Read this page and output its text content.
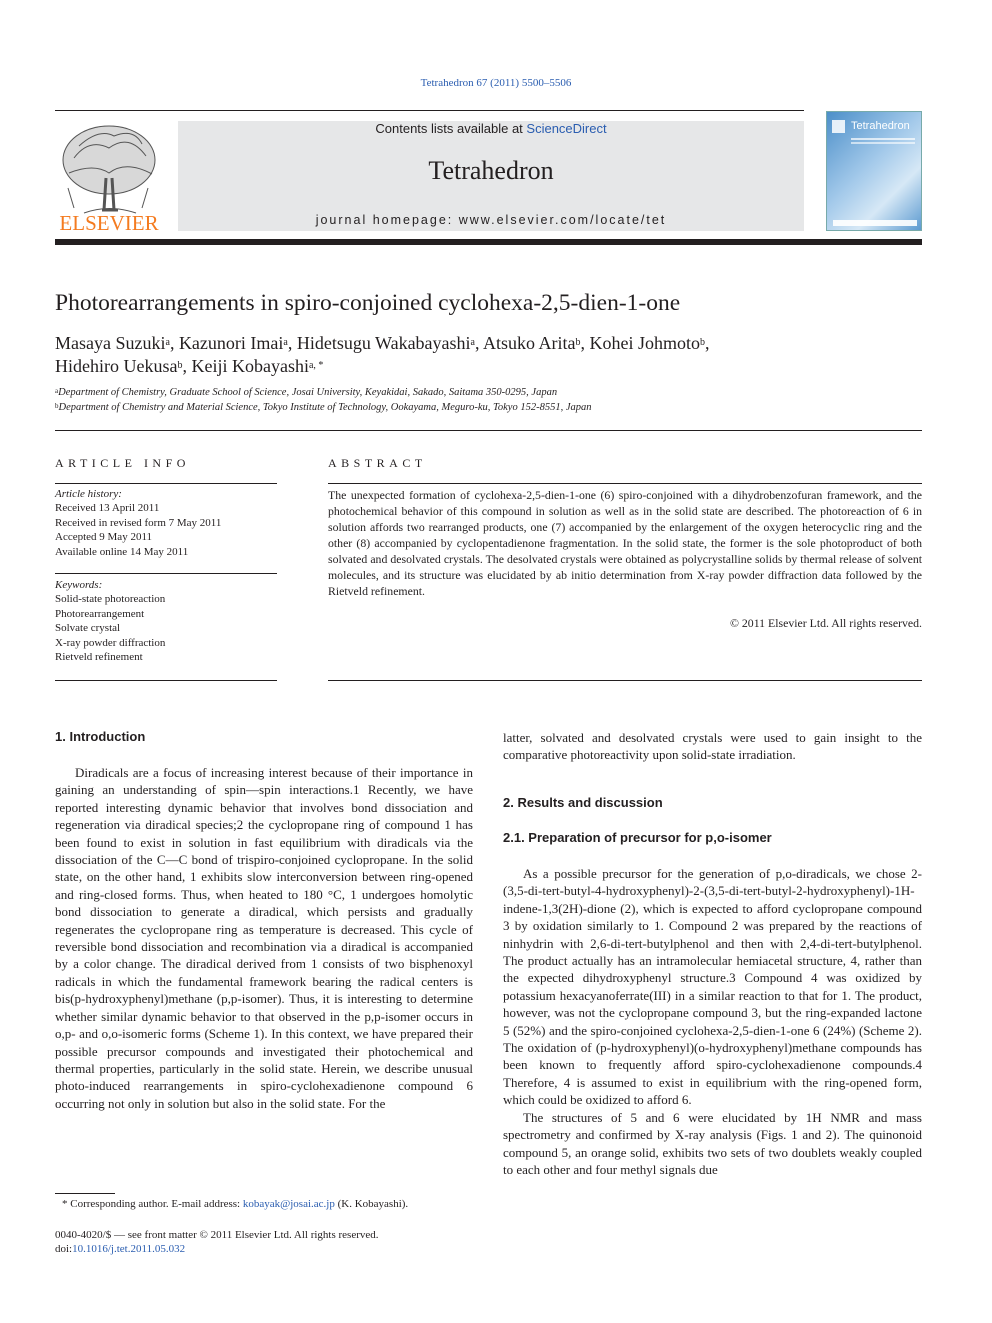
Tetrahedron 67 (2011) 5500–5506
ELSEVIER
Contents lists available at ScienceDirect
Tetrahedron
journal homepage: www.elsevier.com/locate/tet
Tetrahedron
Photorearrangements in spiro-conjoined cyclohexa-2,5-dien-1-one
Masaya Suzuki$^a$, Kazunori Imai$^a$, Hidetsugu Wakabayashi$^a$, Atsuko Arita$^b$, Kohei Johmoto$^b$,
Hidehiro Uekusa$^b$, Keiji Kobayashi$^{a, *}$
$^a$Department of Chemistry, Graduate School of Science, Josai University, Keyakidai, Sakado, Saitama 350-0295, Japan
$^b$Department of Chemistry and Material Science, Tokyo Institute of Technology, Ookayama, Meguro-ku, Tokyo 152-8551, Japan
ARTICLE INFO
Article history:
Received 13 April 2011
Received in revised form 7 May 2011
Accepted 9 May 2011
Available online 14 May 2011
Keywords:
Solid-state photoreaction
Photorearrangement
Solvate crystal
X-ray powder diffraction
Rietveld refinement
ABSTRACT
The unexpected formation of cyclohexa-2,5-dien-1-one (6) spiro-conjoined with a dihydrobenzofuran framework, and the photochemical behavior of this compound in solution as well as in the solid state are described. The photoreaction of 6 in solution affords two rearranged products, one (7) accompanied by the enlargement of the oxygen heterocyclic ring and the other (8) accompanied by cyclopentadienone fragmentation. In the solid state, the former is the sole photoproduct of both solvated and desolvated crystals. The desolvated crystals were obtained as polycrystalline solids by thermal release of solvent molecules, and its structure was elucidated by ab initio determination from X-ray powder diffraction data followed by the Rietveld refinement.
© 2011 Elsevier Ltd. All rights reserved.
1. Introduction

Diradicals are a focus of increasing interest because of their importance in gaining an understanding of spin—spin interactions.1 Recently, we have reported interesting dynamic behavior that involves bond dissociation and regeneration via diradical species;2 the cyclopropane ring of compound 1 has been found to exist in solution in fast equilibrium with diradicals via the dissociation of the C—C bond of trispiro-conjoined cyclopropane. In the solid state, on the other hand, 1 exhibits slow interconversion between ring-opened and ring-closed forms. Thus, when heated to 180 °C, 1 undergoes homolytic bond dissociation to generate a diradical, which persists and gradually regenerates the cyclopropane ring as temperature is decreased. This cycle of reversible bond dissociation and recombination via a diradical is accompanied by a color change. The diradical derived from 1 consists of two bisphenoxyl radicals in which the fundamental framework bearing the radical centers is bis(p-hydroxyphenyl)methane (p,p-isomer). Thus, it is interesting to determine whether similar dynamic behavior to that observed in the p,p-isomer occurs in o,p- and o,o-isomeric forms (Scheme 1). In this context, we have prepared their possible precursor compounds and investigated their photochemical and thermal properties, particularly in the solid state. Herein, we describe unusual photo-induced rearrangements in spiro-cyclohexadienone compound 6 occurring not only in solution but also in the solid state. For the

latter, solvated and desolvated crystals were used to gain insight to the comparative photoreactivity upon solid-state irradiation.

2. Results and discussion
2.1. Preparation of precursor for p,o-isomer

As a possible precursor for the generation of p,o-diradicals, we chose 2-(3,5-di-tert-butyl-4-hydroxyphenyl)-2-(3,5-di-tert-butyl-2-hydroxyphenyl)-1H-indene-1,3(2H)-dione (2), which is expected to afford cyclopropane compound 3 by oxidation similarly to 1. Compound 2 was prepared by the reactions of ninhydrin with 2,6-di-tert-butylphenol and then with 2,4-di-tert-butylphenol. The product actually has an intramolecular hemiacetal structure, 4, rather than the expected dihydroxyphenyl structure.3 Compound 4 was oxidized by potassium hexacyanoferrate(III) in a similar reaction to that for 1. The product, however, was not the cyclopropane compound 3, but the ring-expanded lactone 5 (52%) and the spiro-conjoined cyclohexa-2,5-dien-1-one 6 (24%) (Scheme 2). The oxidation of (p-hydroxyphenyl)(o-hydroxyphenyl)methane compounds has been known to frequently afford spiro-cyclohexadienone compounds.4 Therefore, 4 is assumed to exist in equilibrium with the ring-opened form, which could be oxidized to afford 6.

The structures of 5 and 6 were elucidated by 1H NMR and mass spectrometry and confirmed by X-ray analysis (Figs. 1 and 2). The quinonoid compound 5, an orange solid, exhibits two sets of two doublets weakly coupled to each other and four methyl signals due

* Corresponding author. E-mail address: kobayak@josai.ac.jp (K. Kobayashi).
0040-4020/$ — see front matter © 2011 Elsevier Ltd. All rights reserved.
doi:10.1016/j.tet.2011.05.032
